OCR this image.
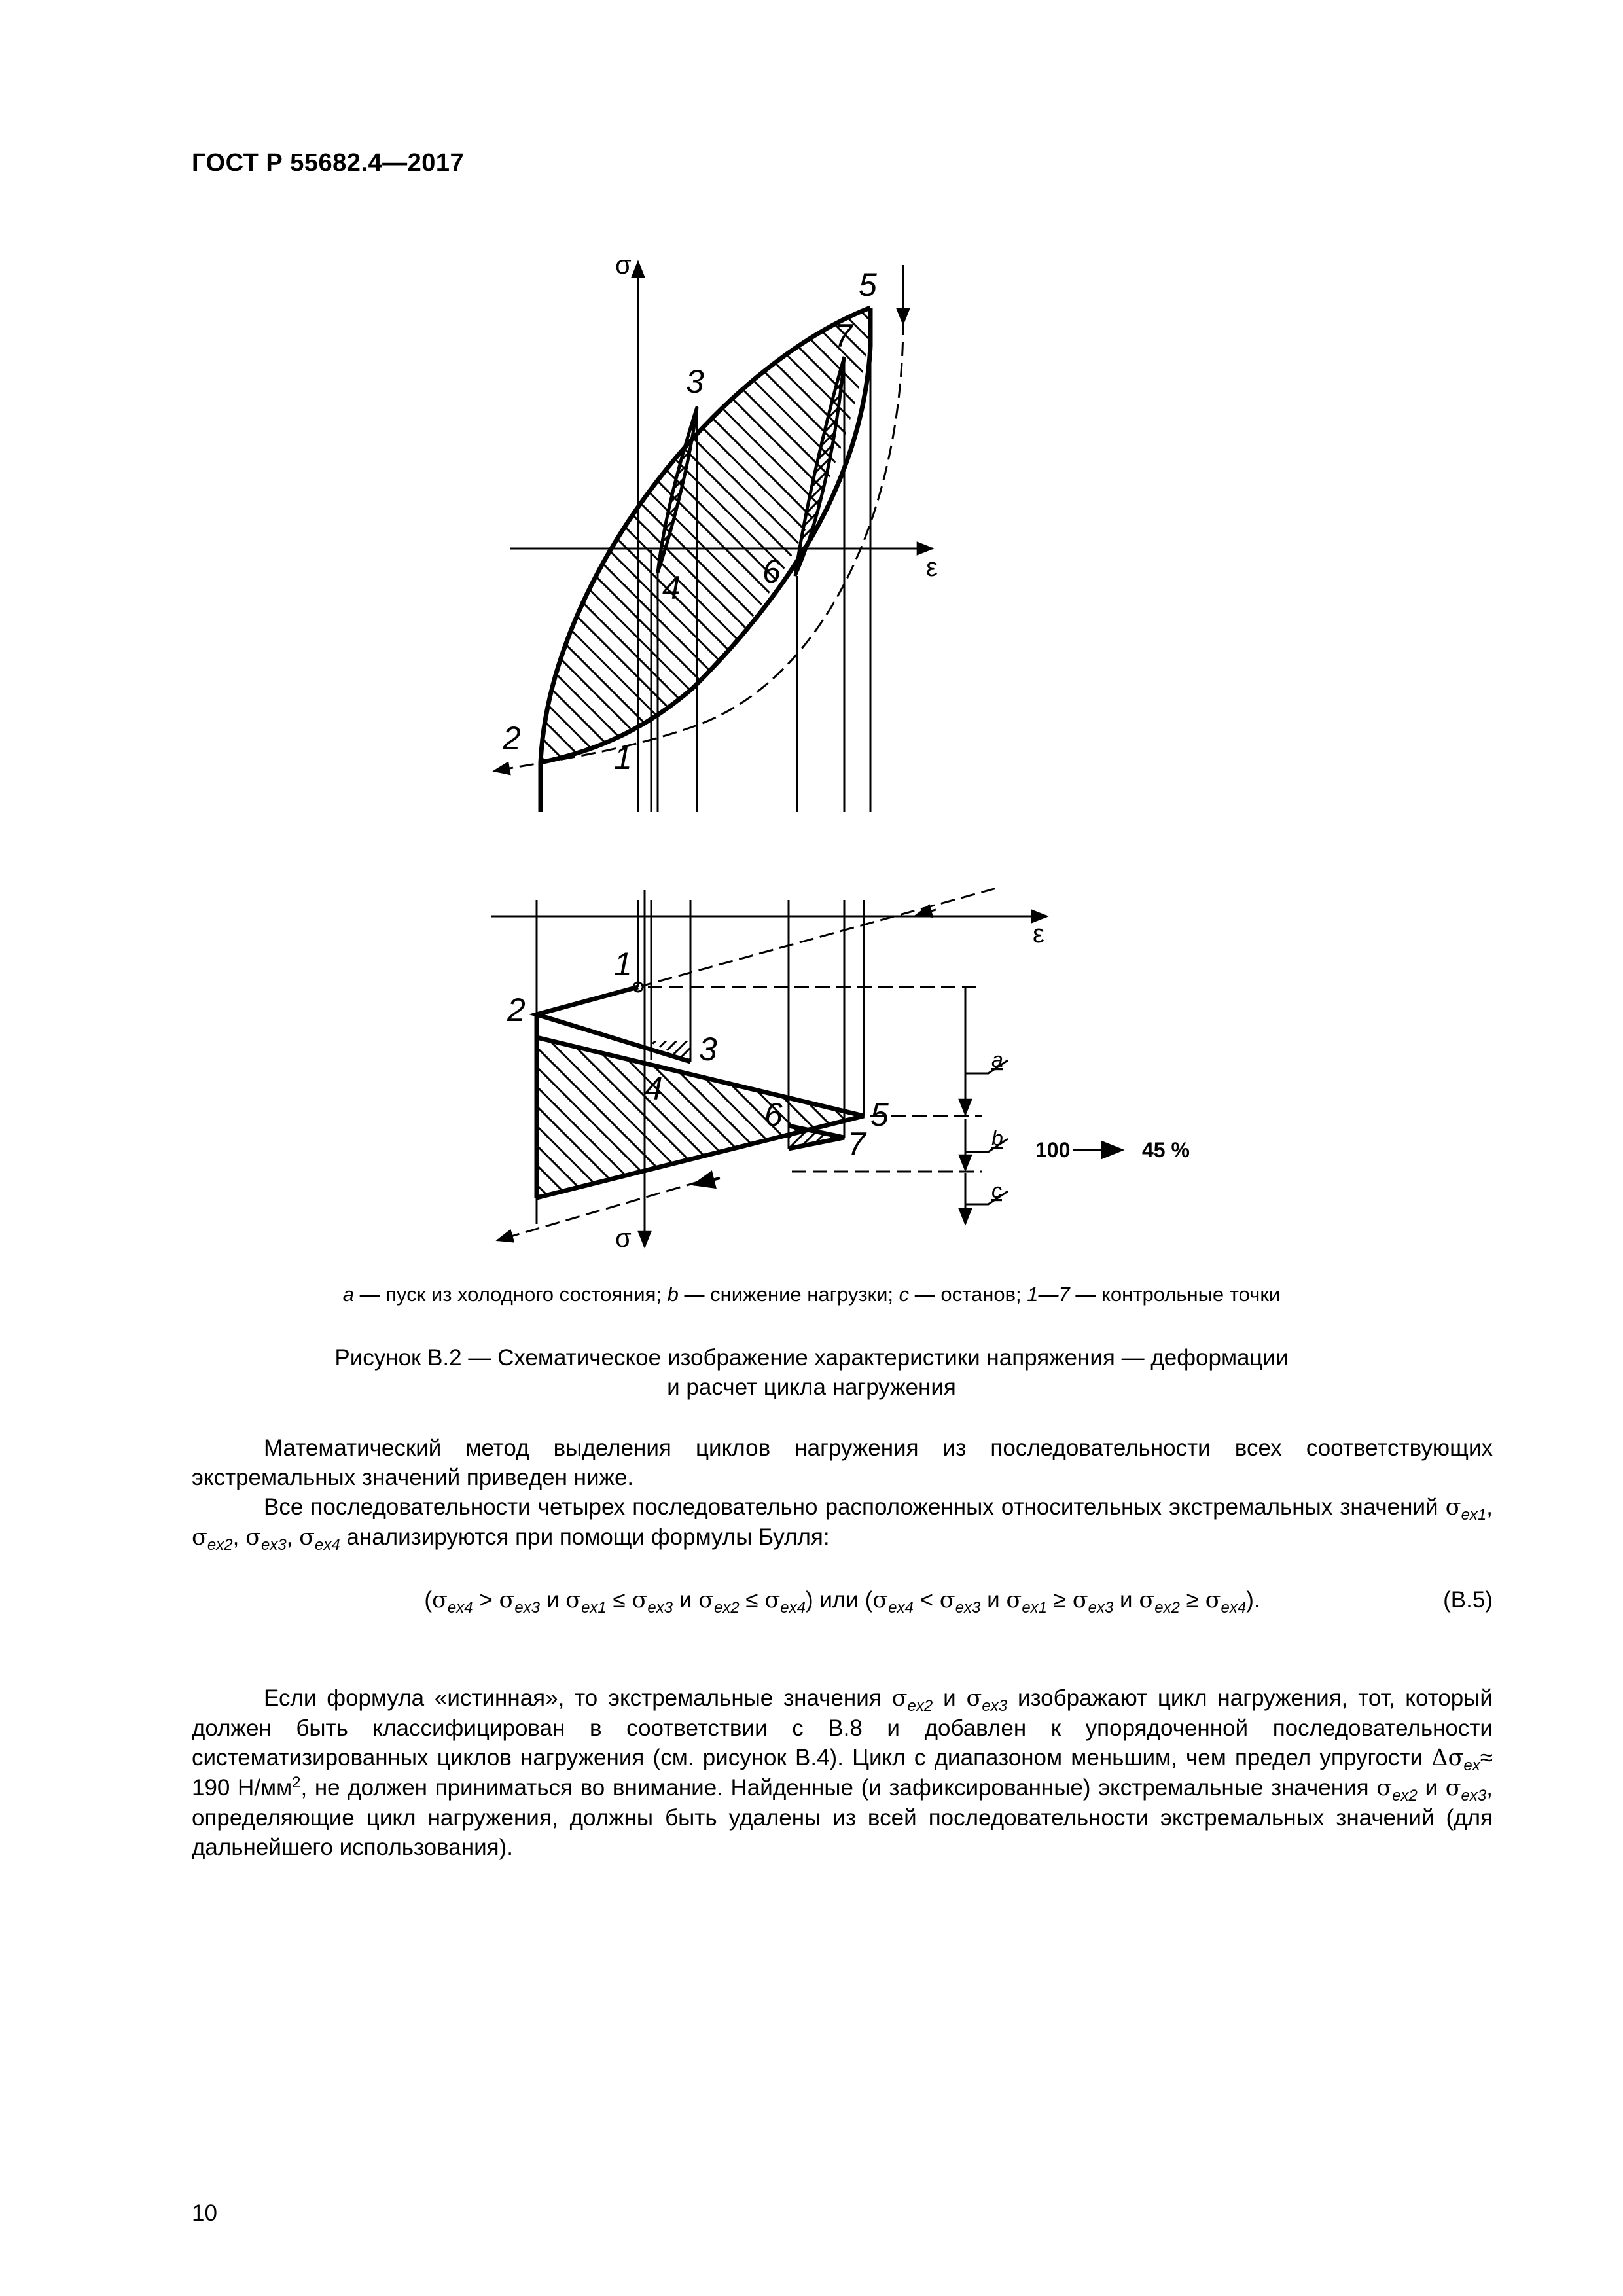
ГОСТ Р 55682.4—2017
σ
ε
5
7
3
4	6
2
1
ε
σ
1
2
3
4
6	5
7
a
b
c
100	45 %
a — пуск из холодного состояния; b — снижение нагрузки; c — останов; 1—7 — контрольные точки
Рисунок В.2 — Схематическое изображение характеристики напряжения — деформации
и расчет цикла нагружения

Математический метод выделения циклов нагружения из последовательности всех соответствующих экстремальных значений приведен ниже.

Все последовательности четырех последовательно расположенных относительных экстремальных значений $\sigma_{ex1}$, $\sigma_{ex2}$, $\sigma_{ex3}$, $\sigma_{ex4}$ анализируются при помощи формулы Булля:

($\sigma_{ex4} > \sigma_{ex3}$ и $\sigma_{ex1} \le \sigma_{ex3}$ и $\sigma_{ex2} \le \sigma_{ex4}$) или ($\sigma_{ex4} < \sigma_{ex3}$ и $\sigma_{ex1} \ge \sigma_{ex3}$ и $\sigma_{ex2} \ge \sigma_{ex4}$).	(В.5)

Если формула «истинная», то экстремальные значения $\sigma_{ex2}$ и $\sigma_{ex3}$ изображают цикл нагружения, тот, который должен быть классифицирован в соответствии с В.8 и добавлен к упорядоченной последовательности систематизированных циклов нагружения (см. рисунок В.4). Цикл с диапазоном меньшим, чем предел упругости $\Delta\sigma_{ex}\approx 190$ $Н/мм^2$, не должен приниматься во внимание. Найденные (и зафиксированные) экстремальные значения $\sigma_{ex2}$ и $\sigma_{ex3}$, определяющие цикл нагружения, должны быть удалены из всей последовательности экстремальных значений (для дальнейшего использования).

10
